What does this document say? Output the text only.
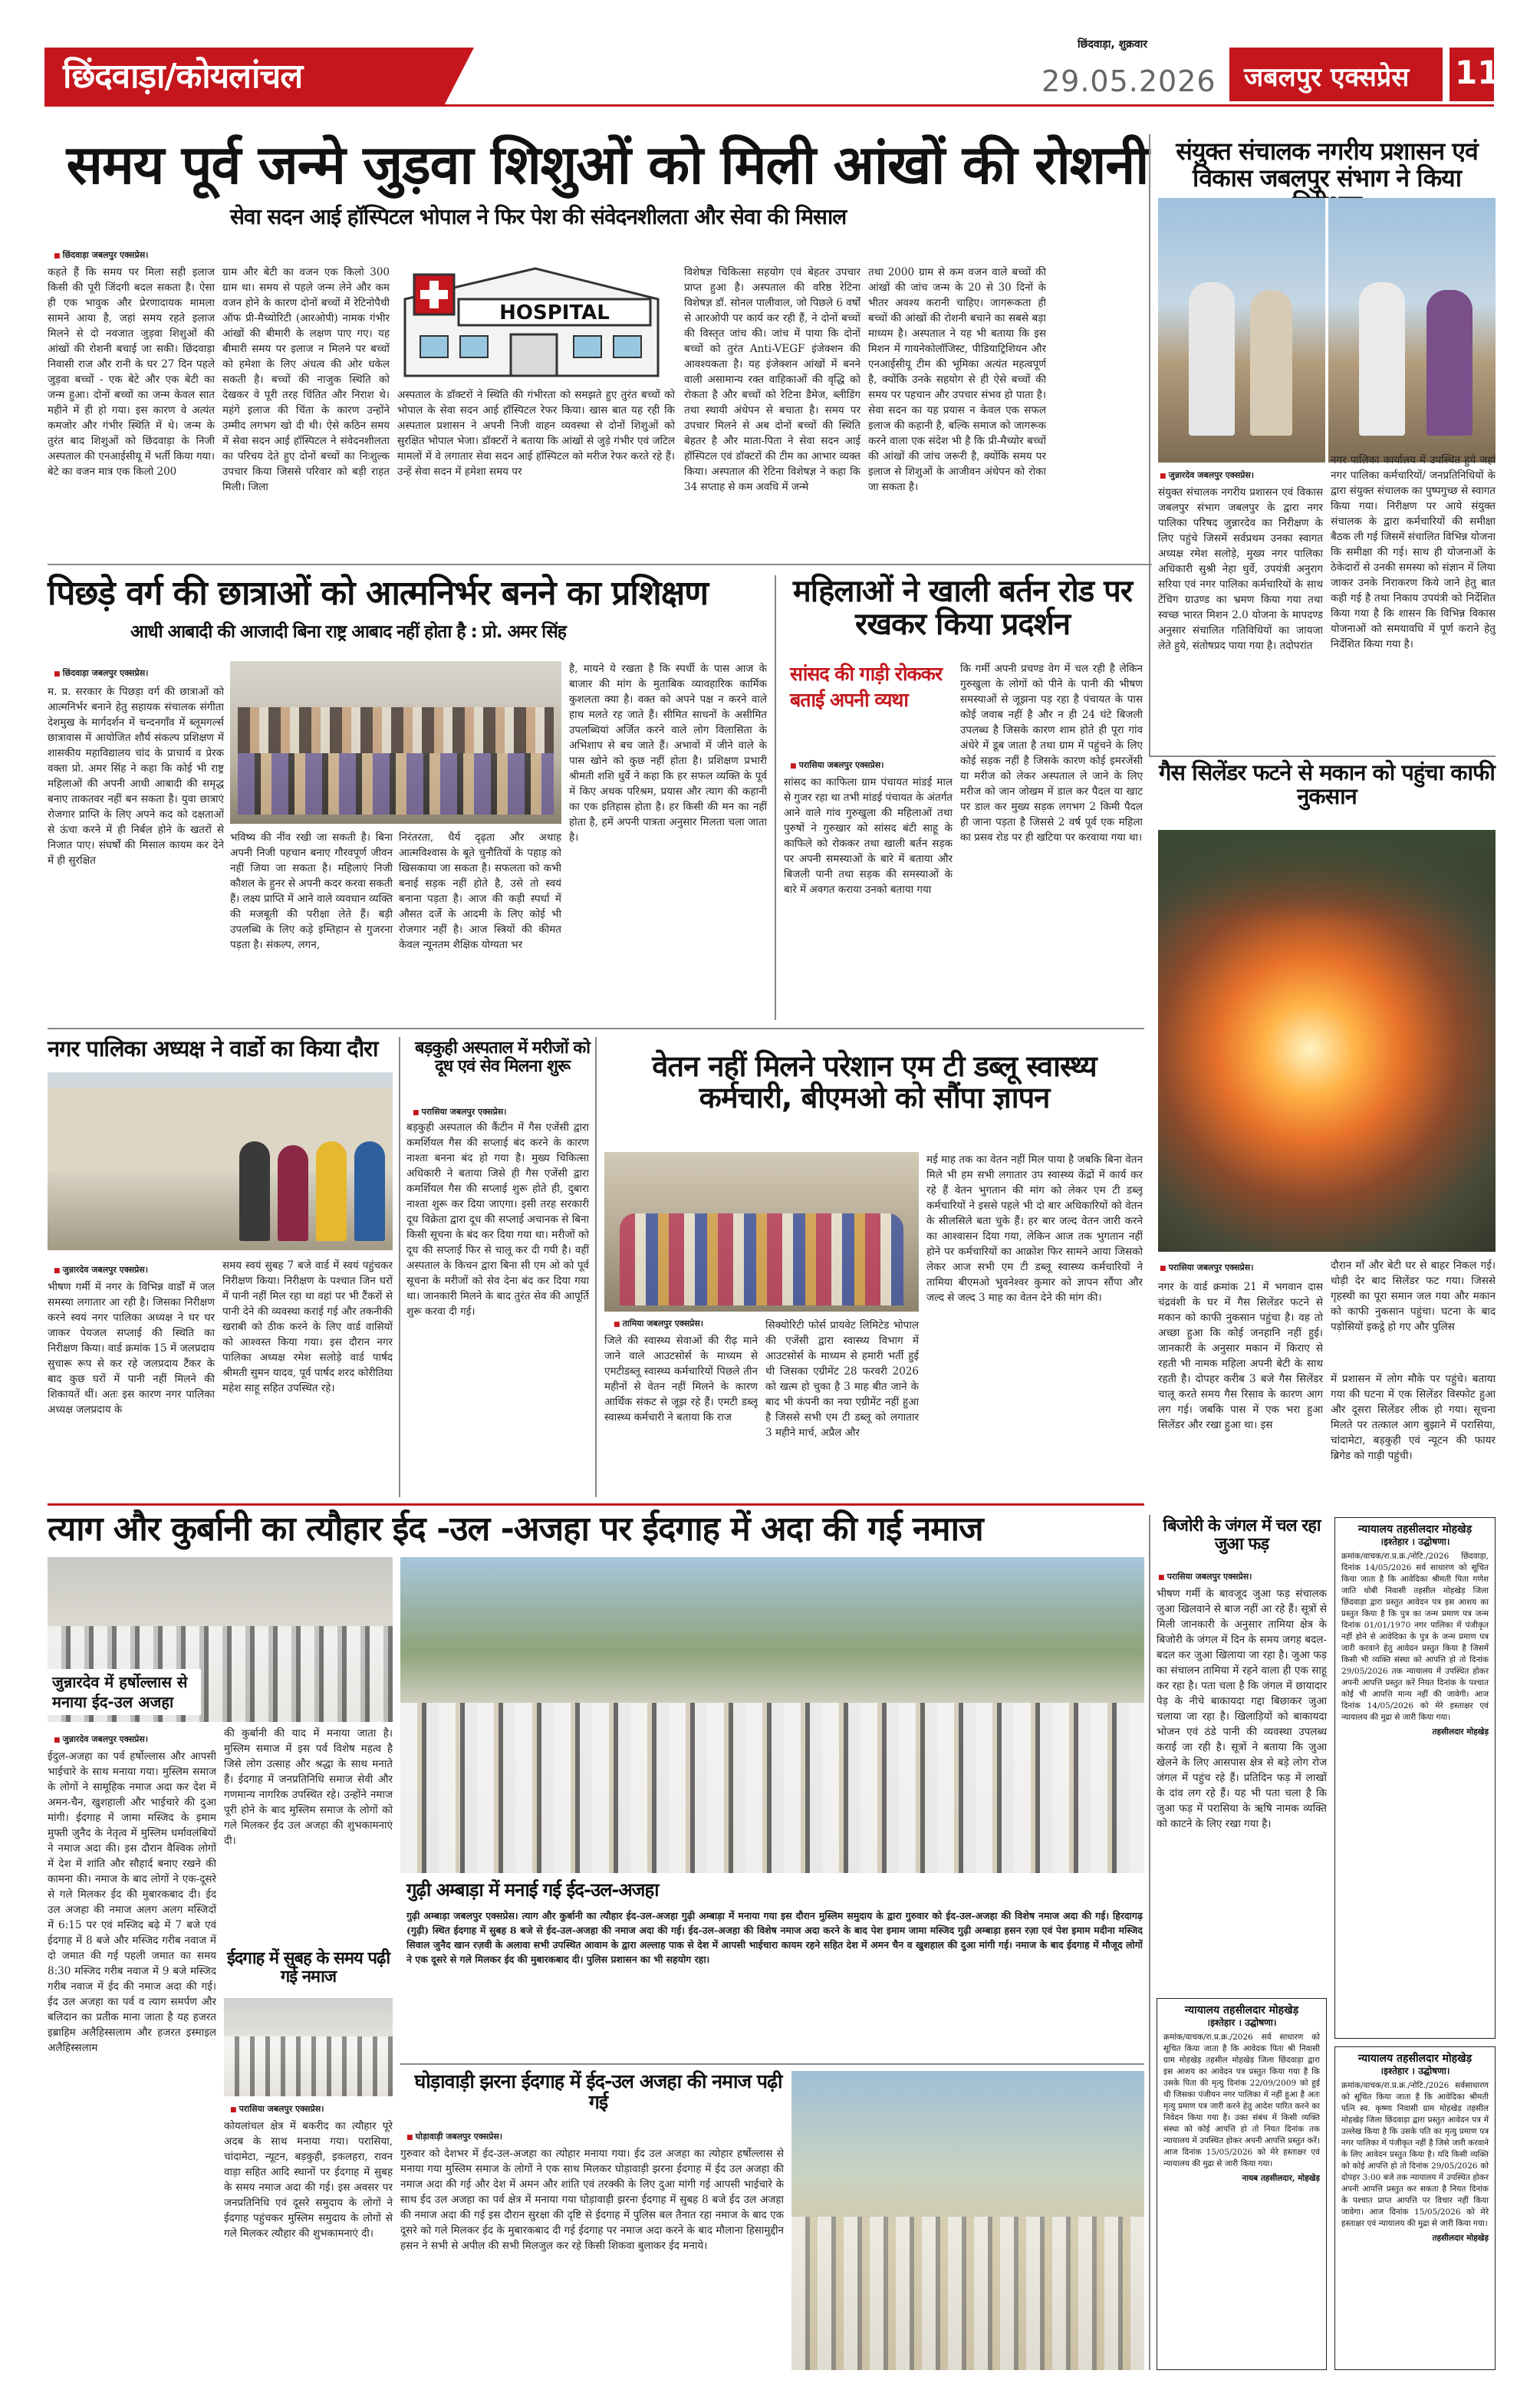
छिंदवाड़ा/कोयलांचल
छिंदवाड़ा, शुक्रवार
29.05.2026 जबलपुर एक्सप्रेस 11
समय पूर्व जन्मे जुड़वा शिशुओं को मिली आंखों की रोशनी
सेवा सदन आई हॉस्पिटल भोपाल ने फिर पेश की संवेदनशीलता और सेवा की मिसाल
■ छिंदवाड़ा जबलपुर एक्सप्रेस।
कहते हैं कि समय पर मिला सही इलाज किसी की पूरी जिंदगी बदल सकता है। ऐसा ही एक भावुक और प्रेरणादायक मामला सामने आया है, जहां समय रहते इलाज मिलने से दो नवजात जुड़वा शिशुओं की आंखों की रोशनी बचाई जा सकी। छिंदवाड़ा निवासी राज और रानी के घर 27 दिन पहले जुड़वा बच्चों - एक बेटे और एक बेटी का जन्म हुआ। दोनों बच्चों का जन्म केवल सात महीने में ही हो गया। इस कारण वे अत्यंत कमजोर और गंभीर स्थिति में थे। जन्म के तुरंत बाद शिशुओं को छिंदवाड़ा के निजी अस्पताल की एनआईसीयू में भर्ती किया गया। बेटे का वजन मात्र एक किलो 200
ग्राम और बेटी का वजन एक किलो 300 ग्राम था। समय से पहले जन्म लेने और कम वजन होने के कारण दोनों बच्चों में रेटिनोपैथी ऑफ प्री-मैच्योरिटी (आरओपी) नामक गंभीर आंखों की बीमारी के लक्षण पाए गए। यह बीमारी समय पर इलाज न मिलने पर बच्चों को हमेशा के लिए अंधत्व की ओर धकेल सकती है। बच्चों की नाजुक स्थिति को देखकर वे पूरी तरह चिंतित और निराश थे। महंगे इलाज की चिंता के कारण उन्होंने उम्मीद लगभग खो दी थी। ऐसे कठिन समय में सेवा सदन आई हॉस्पिटल ने संवेदनशीलता का परिचय देते हुए दोनों बच्चों का निःशुल्क उपचार किया जिससे परिवार को बड़ी राहत मिली। जिला
HOSPITAL
अस्पताल के डॉक्टरों ने स्थिति की गंभीरता को समझते हुए तुरंत बच्चों को भोपाल के सेवा सदन आई हॉस्पिटल रेफर किया। खास बात यह रही कि अस्पताल प्रशासन ने अपनी निजी वाहन व्यवस्था से दोनों शिशुओं को सुरक्षित भोपाल भेजा। डॉक्टरों ने बताया कि आंखों से जुड़े गंभीर एवं जटिल मामलों में वे लगातार सेवा सदन आई हॉस्पिटल को मरीज रेफर करते रहे हैं। उन्हें सेवा सदन में हमेशा समय पर
विशेषज्ञ चिकित्सा सहयोग एवं बेहतर उपचार प्राप्त हुआ है। अस्पताल की वरिष्ठ रेटिना विशेषज्ञ डॉ. सोनल पालीवाल, जो पिछले 6 वर्षों से आरओपी पर कार्य कर रही हैं, ने दोनों बच्चों की विस्तृत जांच की। जांच में पाया कि दोनों बच्चों को तुरंत Anti-VEGF इंजेक्शन की आवश्यकता है। यह इंजेक्शन आंखों में बनने वाली असामान्य रक्त वाहिकाओं की वृद्धि को रोकता है और बच्चों को रेटिना डैमेज, ब्लीडिंग तथा स्थायी अंधेपन से बचाता है। समय पर उपचार मिलने से अब दोनों बच्चों की स्थिति बेहतर है और माता-पिता ने सेवा सदन आई हॉस्पिटल एवं डॉक्टरों की टीम का आभार व्यक्त किया। अस्पताल की रेटिना विशेषज्ञ ने कहा कि 34 सप्ताह से कम अवधि में जन्मे
तथा 2000 ग्राम से कम वजन वाले बच्चों की आंखों की जांच जन्म के 20 से 30 दिनों के भीतर अवश्य करानी चाहिए। जागरूकता ही बच्चों की आंखों की रोशनी बचाने का सबसे बड़ा माध्यम है। अस्पताल ने यह भी बताया कि इस मिशन में गायनेकोलॉजिस्ट, पीडियाट्रिशियन और एनआईसीयू टीम की भूमिका अत्यंत महत्वपूर्ण है, क्योंकि उनके सहयोग से ही ऐसे बच्चों की समय पर पहचान और उपचार संभव हो पाता है। सेवा सदन का यह प्रयास न केवल एक सफल इलाज की कहानी है, बल्कि समाज को जागरूक करने वाला एक संदेश भी है कि प्री-मैच्योर बच्चों की आंखों की जांच जरूरी है, क्योंकि समय पर इलाज से शिशुओं के आजीवन अंधेपन को रोका जा सकता है।
संयुक्त संचालक नगरीय प्रशासन एवं विकास जबलपुर संभाग ने किया
■ जुन्नारदेव जबलपुर एक्सप्रेस।
संयुक्त संचालक नगरीय प्रशासन एवं विकास जबलपुर संभाग जबलपुर के द्वारा नगर पालिका परिषद जुन्नारदेव का निरीक्षण के लिए पहुंचे जिसमें सर्वप्रथम उनका स्वागत अध्यक्ष रमेश सलोड़े, मुख्य नगर पालिका अधिकारी सुश्री नेहा धुर्वे, उपयंत्री अनुराग सरिया एवं नगर पालिका कर्मचारियों के साथ टेंचिग ग्राउण्ड का भ्रमण किया गया तथा स्वच्छ भारत मिशन 2.0 योजना के मापदण्ड अनुसार संचालित गतिविधियों का जायजा लेते हुये, संतोषप्रद पाया गया है। तदोपरांत
नगर पालिका कार्यालय में उपस्थित हुये जहां नगर पालिका कर्मचारियों/ जनप्रतिनिधियों के द्वारा संयुक्त संचालक का पुष्पगुच्छ से स्वागत किया गया। निरीक्षण पर आये संयुक्त संचालक के द्वारा कर्मचारियों की समीक्षा बैठक ली गई जिसमें संचालित विभिन्न योजना कि समीक्षा की गई। साथ ही योजनाओं के ठेकेदारों से उनकी समस्या को संज्ञान में लिया जाकर उनके निराकरण किये जाने हेतु बात कही गई है तथा निकाय उपयंत्री को निर्देशित किया गया है कि शासन कि विभिन्न विकास योजनाओं को समयावधि में पूर्ण कराने हेतु निर्देशित किया गया है।
पिछड़े वर्ग की छात्राओं को आत्मनिर्भर बनने का प्रशिक्षण
आधी आबादी की आजादी बिना राष्ट्र आबाद नहीं होता है : प्रो. अमर सिंह
■ छिंदवाड़ा जबलपुर एक्सप्रेस।
म. प्र. सरकार के पिछड़ा वर्ग की छात्राओं को आत्मनिर्भर बनाने हेतु सहायक संचालक संगीता देशमुख के मार्गदर्शन में चन्दनगाँव में ब्लूमगर्ल्स छात्रावास में आयोजित शौर्य संकल्प प्रशिक्षण में शासकीय महाविद्यालय चांद के प्राचार्य व प्रेरक वक्ता प्रो. अमर सिंह ने कहा कि कोई भी राष्ट्र महिलाओं की अपनी आधी आबादी की समृद्ध बनाए ताकतवर नहीं बन सकता है। युवा छात्राएं रोजगार प्राप्ति के लिए अपने कद को दक्षताओं से ऊंचा करने में ही निर्बल होने के खतरों से निजात पाए। संघर्षों की मिसाल कायम कर देने में ही सुरक्षित
भविष्य की नींव रखी जा सकती है। बिना अपनी निजी पहचान बनाए गौरवपूर्ण जीवन नहीं जिया जा सकता है। महिलाएं निजी कौशल के हुनर से अपनी कदर करवा सकती हैं। लक्ष्य प्राप्ति में आने वाले व्यवधान व्यक्ति की मजबूती की परीक्षा लेते हैं। बड़ी उपलब्धि के लिए कड़े इम्तिहान से गुजरना पड़ता है। संकल्प, लगन,
निरंतरता, धैर्य दृढ़ता और अथाह आत्मविश्वास के बूते चुनौतियों के पहाड़ को खिसकाया जा सकता है। सफलता को कभी बनाई सड़क नहीं होते है, उसे तो स्वयं बनाना पड़ता है। आज की कड़ी स्पर्धा में औसत दर्जे के आदमी के लिए कोई भी रोजगार नहीं है। आज स्त्रियों की कीमत केवल न्यूनतम शैक्षिक योग्यता भर
है, मायने ये रखता है कि स्पर्धी के पास आज के बाजार की मांग के मुताबिक व्यावहारिक कार्मिक कुशलता क्या है। वक्त को अपने पक्ष न करने वाले हाथ मलते रह जाते हैं। सीमित साधनों के असीमित उपलब्धियां अर्जित करने वाले लोग विलासिता के अभिशाप से बच जाते हैं। अभावों में जीने वाले के पास खोने को कुछ नहीं होता है। प्रशिक्षण प्रभारी श्रीमती शशि धुर्वे ने कहा कि हर सफल व्यक्ति के पूर्व में किए अथक परिश्रम, प्रयास और त्याग की कहानी का एक इतिहास होता है। हर किसी की मन का नहीं होता है, हमें अपनी पात्रता अनुसार मिलता चला जाता है।
महिलाओं ने खाली बर्तन रोड पर रखकर किया प्रदर्शन
सांसद की गाड़ी रोककर बताई अपनी व्यथा
■ परासिया जबलपुर एक्सप्रेस।
सांसद का काफिला ग्राम पंचायत मांडई माल से गुजर रहा था तभी मांडई पंचायत के अंतर्गत आने वाले गांव गुरुखुला की महिलाओं तथा पुरुषों ने गुरुखार को सांसद बंटी साहू के काफिले को रोककर तथा खाली बर्तन सड़क पर अपनी समस्याओं के बारे में बताया और बिजली पानी तथा सड़क की समस्याओं के बारे में अवगत कराया उनको बताया गया
कि गर्मी अपनी प्रचण्ड वेग में चल रही है लेकिन गुरुखुला के लोगों को पीने के पानी की भीषण समस्याओं से जूझना पड़ रहा है पंचायत के पास कोई जवाब नहीं है और न ही 24 घंटे बिजली उपलब्ध है जिसके कारण शाम होते ही पूरा गांव अंधेरे में डूब जाता है तथा ग्राम में पहुंचने के लिए कोई सड़क नहीं है जिसके कारण कोई इमरजेंसी या मरीज को लेकर अस्पताल ले जाने के लिए मरीज को जान जोखम में डाल कर पैदल या खाट पर डाल कर मुख्य सड़क लगभग 2 किमी पैदल ही जाना पड़ता है जिससे 2 वर्ष पूर्व एक महिला का प्रसव रोड पर ही खटिया पर करवाया गया था।
गैस सिलेंडर फटने से मकान को पहुंचा काफी नुकसान
■ परासिया जबलपुर एक्सप्रेस।	दौरान माँ और बेटी घर से बाहर निकल गई। थोड़ी देर बाद सिलेंडर फट गया। जिससे गृहस्थी का पूरा समान जल गया और मकान को काफी नुकसान पहुंचा। घटना के बाद पड़ोसियों इकट्ठे हो गए और पुलिस
नगर के वार्ड क्रमांक 21 में भगवान दास चंद्रवंशी के घर में गैस सिलेंडर फटने से मकान को काफी नुकसान पहुंचा है। वह तो अच्छा हुआ कि कोई जनहानि नहीं हुई। जानकारी के अनुसार मकान में किराए से रहती भी नामक महिला अपनी बेटी के साथ रहती है। दोपहर करीब 3 बजे गैस सिलेंडर चालू करते समय गैस रिसाव के कारण आग लग गई। जबकि पास में एक भरा हुआ सिलेंडर और रखा हुआ था। इस
में प्रशासन में लोग मौके पर पहुंचे। बताया गया की घटना में एक सिलेंडर विस्फोट हुआ और दूसरा सिलेंडर लीक हो गया। सूचना मिलते पर तत्काल आग बुझाने में परासिया, चांदामेटा, बड़कुही एवं न्यूटन की फायर ब्रिगेड को गाड़ी पहुंची।
नगर पालिका अध्यक्ष ने वार्डो का किया दौरा
■ जुन्नारदेव जबलपुर एक्सप्रेस।
भीषण गर्मी में नगर के विभिन्न वार्डों में जल समस्या लगातार आ रही है। जिसका निरीक्षण करने स्वयं नगर पालिका अध्यक्ष ने घर घर जाकर पेयजल सप्लाई की स्थिति का निरीक्षण किया। वार्ड क्रमांक 15 में जलप्रदाय सुचारू रूप से कर रहे जलप्रदाय टैंकर के बाद कुछ घरों में पानी नहीं मिलने की शिकायतें थीं। अतः इस कारण नगर पालिका अध्यक्ष जलप्रदाय के
समय स्वयं सुबह 7 बजे वार्ड में स्वयं पहुंचकर निरीक्षण किया। निरीक्षण के पश्चात जिन घरों में पानी नहीं मिल रहा था वहां पर भी टैंकरों से पानी देने की व्यवस्था कराई गई और तकनीकी खराबी को ठीक करने के लिए वार्ड वासियों को आश्वस्त किया गया। इस दौरान नगर पालिका अध्यक्ष रमेश सलोड़े वार्ड पार्षद श्रीमती सुमन यादव, पूर्व पार्षद शरद कोरीतिया महेश साहू सहित उपस्थित रहे।
बड़कुही अस्पताल में मरीजों को दूध एवं सेव मिलना शुरू
■ परासिया जबलपुर एक्सप्रेस।
बड़कुही अस्पताल की कैंटीन में गैस एजेंसी द्वारा कमर्शियल गैस की सप्लाई बंद करने के कारण नाश्ता बनना बंद हो गया है। मुख्य चिकित्सा अधिकारी ने बताया जिसे ही गैस एजेंसी द्वारा कमर्शियल गैस की सप्लाई शुरू होते ही, दुबारा नाश्ता शुरू कर दिया जाएगा। इसी तरह सरकारी दूध विक्रेता द्वारा दूध की सप्लाई अचानक से बिना किसी सूचना के बंद कर दिया गया था। मरीजों को दूध की सप्लाई फिर से चालू कर दी गयी है। वहीं अस्पताल के किचन द्वारा बिना सी एम ओ को पूर्व सूचना के मरीजों को सेव देना बंद कर दिया गया था। जानकारी मिलने के बाद तुरंत सेव की आपूर्ति शुरू करवा दी गई।
वेतन नहीं मिलने परेशान एम टी डब्लू स्वास्थ्य कर्मचारी, बीएमओ को सौंपा ज्ञापन
■ तामिया जबलपुर एक्सप्रेस।
जिले की स्वास्थ्य सेवाओं की रीढ़ माने जाने वाले आउटसोर्स के माध्यम से एमटीडब्लू स्वास्थ्य कर्मचारियों पिछले तीन महीनों से वेतन नहीं मिलने के कारण आर्थिक संकट से जूझ रहे हैं। एमटी डब्लू स्वास्थ्य कर्मचारी ने बताया कि राज
सिक्योरिटी फोर्स प्रायवेट लिमिटेड भोपाल की एजेंसी द्वारा स्वास्थ्य विभाग में आउटसोर्स के माध्यम से हमारी भर्ती हुई थी जिसका एग्रीमेंट 28 फरवरी 2026 को खत्म हो चुका है 3 माह बीत जाने के बाद भी कंपनी का नया एग्रीमेंट नहीं हुआ है जिससे सभी एम टी डब्लू को लगातार 3 महीने मार्च, अप्रैल और
मई माह तक का वेतन नहीं मिल पाया है जबकि बिना वेतन मिले भी हम सभी लगातार उप स्वास्थ्य केंद्रों में कार्य कर रहे हैं वेतन भुगतान की मांग को लेकर एम टी डब्लू कर्मचारियों ने इससे पहले भी दो बार अधिकारियों को वेतन के सीलसिले बता चुके हैं। हर बार जल्द वेतन जारी करने का आश्वासन दिया गया, लेकिन आज तक भुगतान नहीं होने पर कर्मचारियों का आक्रोश फिर सामने आया जिसको लेकर आज सभी एम टी डब्लू स्वास्थ्य कर्मचारियों ने तामिया बीएमओ भुवनेश्वर कुमार को ज्ञापन सौंपा और जल्द से जल्द 3 माह का वेतन देने की मांग की।
त्याग और कुर्बानी का त्यौहार ईद -उल -अजहा पर ईदगाह में अदा की गई नमाज
जुन्नारदेव में हर्षोल्लास से मनाया ईद-उल अजहा
■ जुन्नारदेव जबलपुर एक्सप्रेस।
ईदुल-अजहा का पर्व हर्षोल्लास और आपसी भाईचारे के साथ मनाया गया। मुस्लिम समाज के लोगों ने सामूहिक नमाज अदा कर देश में अमन-चैन, खुशहाली और भाईचारे की दुआ मांगी। ईदगाह में जामा मस्जिद के इमाम मुफ्ती जुनैद के नेतृत्व में मुस्लिम धर्मावलंबियों ने नमाज अदा की। इस दौरान वैश्विक लोगों में देश में शांति और सौहार्द बनाए रखने की कामना की। नमाज के बाद लोगों ने एक-दूसरे से गले मिलकर ईद की मुबारकबाद दी। ईद उल अजहा की नमाज अलग अलग मस्जिदों में 6:15 पर एवं मस्जिद बढ़े में 7 बजे एवं ईदगाह में 8 बजे और मस्जिद गरीब नवाज में दो जमात की गई पहली जमात का समय 8:30 मस्जिद गरीब नवाज में 9 बजे मस्जिद गरीब नवाज में ईद की नमाज अदा की गई। ईद उल अजहा का पर्व व त्याग समर्पण और बलिदान का प्रतीक माना जाता है यह हजरत इब्राहिम अलैहिस्सलाम और हजरत इस्माइल अलैहिस्सलाम
की कुर्बानी की याद में मनाया जाता है। मुस्लिम समाज में इस पर्व विशेष महत्व है जिसे लोग उत्साह और श्रद्धा के साथ मनाते हैं। ईदगाह में जनप्रतिनिधि समाज सेवी और गणमान्य नागरिक उपस्थित रहे। उन्होंने नमाज पूरी होने के बाद मुस्लिम समाज के लोगों को गले मिलकर ईद उल अजहा की शुभकामनाएं दी।
ईदगाह में सुबह के समय पढ़ी गई नमाज
■ परासिया जबलपुर एक्सप्रेस।
कोयलांचल क्षेत्र में बकरीद का त्यौहार पूरे अदब के साथ मनाया गया। परासिया, चांदामेटा, न्यूटन, बड़कुही, इकलहरा, रावन वाड़ा सहित आदि स्थानों पर ईदगाह में सुबह के समय नमाज अदा की गई। इस अवसर पर जनप्रतिनिधि एवं दूसरे समुदाय के लोगों ने ईदगाह पहुंचकर मुस्लिम समुदाय के लोगों से गले मिलकर त्यौहार की शुभकामनाएं दी।
गुढ़ी अम्बाड़ा में मनाई गई ईद-उल-अजहा
गुढ़ी अम्बाड़ा जबलपुर एक्सप्रेस। त्याग और कुर्बानी का त्यौहार ईद-उल-अजहा गुढ़ी अम्बाड़ा में मनाया गया इस दौरान मुस्लिम समुदाय के द्वारा गुरुवार को ईद-उल-अजहा की विशेष नमाज अदा की गई। हिरदागढ़ (गुढ़ी) स्थित ईदगाह में सुबह 8 बजे से ईद-उल-अजहा की नमाज अदा की गई। ईद-उल-अजहा की विशेष नमाज अदा करने के बाद पेश इमाम जामा मस्जिद गुढ़ी अम्बाड़ा हसन रज़ा एवं पेश इमाम मदीना मस्जिद सिवाल जुनैद खान रज़वी के अलावा सभी उपस्थित आवाम के द्वारा अल्लाह पाक से देश में आपसी भाईचारा कायम रहने सहित देश में अमन चैन व खुशहाल की दुआ मांगी गई। नमाज के बाद ईदगाह में मौजूद लोगों ने एक दूसरे से गले मिलकर ईद की मुबारकबाद दी। पुलिस प्रशासन का भी सहयोग रहा।
घोड़ावाड़ी झरना ईदगाह में ईद-उल अजहा की नमाज पढ़ी गई
■ घोड़ावाड़ी जबलपुर एक्सप्रेस।
गुरुवार को देशभर में ईद-उल-अजहा का त्योहार मनाया गया। ईद उल अजहा का त्योहार हर्षोल्लास से मनाया गया मुस्लिम समाज के लोगों ने एक साथ मिलकर घोड़ावाड़ी झरना ईदगाह में ईद उल अजहा की नमाज अदा की गई और देश में अमन और शांति एवं तरक्की के लिए दुआ मांगी गई आपसी भाईचारे के साथ ईद उल अजहा का पर्व क्षेत्र में मनाया गया घोड़ावाड़ी झरना ईदगाह में सुबह 8 बजे ईद उल अजहा की नमाज अदा की गई इस दौरान सुरक्षा की दृष्टि से ईदगाह में पुलिस बल तैनात रहा नमाज के बाद एक दूसरे को गले मिलकर ईद के मुबारकबाद दी गई ईदगाह पर नमाज अदा करने के बाद मौलाना हिसामुद्दीन हसन ने सभी से अपील की सभी मिलजुल कर रहे किसी शिकवा बुलाकर ईद मनाये।
बिजोरी के जंगल में चल रहा जुआ फड़
■ परासिया जबलपुर एक्सप्रेस।
भीषण गर्मी के बावजूद जुआ फड़ संचालक जुआ खिलवाने से बाज नहीं आ रहे हैं। सूत्रों से मिली जानकारी के अनुसार तामिया क्षेत्र के बिजोरी के जंगल में दिन के समय जगह बदल-बदल कर जुआ खिलाया जा रहा है। जुआ फड़ का संचालन तामिया में रहने वाला ही एक साहू कर रहा है। पता चला है कि जंगल में छायादार पेड़ के नीचे बाकायदा गद्दा बिछाकर जुआ चलाया जा रहा है। खिलाड़ियों को बाकायदा भोजन एवं ठंडे पानी की व्यवस्था उपलब्ध कराई जा रही है। सूत्रों ने बताया कि जुआ खेलने के लिए आसपास क्षेत्र से बड़े लोग रोज जंगल में पहुंच रहे हैं। प्रतिदिन फड़ में लाखों के दांव लग रहे हैं। यह भी पता चला है कि जुआ फड़ में परासिया के ऋषि नामक व्यक्ति को काटने के लिए रखा गया है।
न्यायालय तहसीलदार मोहखेड़
।इश्तेहार । उद्घोषणा।
क्रमांक/वाचक/रा.प्र.क्र./नोटि./2026 छिंदवाड़ा, दिनांक 14/05/2026 सर्व साधारण को सूचित किया जाता है कि आवेदिका श्रीमती पिता गणेश जाति धोबी निवासी तहसील मोहखेड़ जिला छिंदवाड़ा द्वारा प्रस्तुत आवेदन पत्र इस आशय का प्रस्तुत किया है कि पुत्र का जन्म प्रमाण पत्र जन्म दिनांक 01/01/1970 नगर पालिका में पंजीकृत नहीं होने से आवेदिका के पुत्र के जन्म प्रमाण पत्र जारी करवाने हेतु आवेदन प्रस्तुत किया है जिसमें किसी भी व्यक्ति संस्था को आपत्ति हो तो दिनांक 29/05/2026 तक न्यायालय में उपस्थित होकर अपनी आपत्ति प्रस्तुत करें नियत दिनांक के पश्चात कोई भी आपत्ति मान्य नहीं की जावेगी। आज दिनांक 14/05/2026 को मेरे हस्ताक्षर एवं न्यायालय की मुद्रा से जारी किया गया।
तहसीलदार मोहखेड़
न्यायालय तहसीलदार मोहखेड़
।इश्तेहार । उद्घोषणा।
क्रमांक/वाचक/रा.प्र.क्र./नोटि./2026 सर्वसाधारण को सूचित किया जाता है कि आवेदिका श्रीमती पत्नि स्व. कृष्णा निवासी ग्राम मोहखेड़ तहसील मोहखेड़ जिला छिंदवाड़ा द्वारा प्रस्तुत आवेदन पत्र में उल्लेख किया है कि उसके पति का मृत्यु प्रमाण पत्र नगर पालिका में पंजीकृत नहीं है जिसे जारी करवाने के लिए आवेदन प्रस्तुत किया है। यदि किसी व्यक्ति को कोई आपत्ति हो तो दिनांक 29/05/2026 को दोपहर 3:00 बजे तक न्यायालय में उपस्थित होकर अपनी आपत्ति प्रस्तुत कर सकता है नियत दिनांक के पश्चात प्राप्त आपत्ति पर विचार नहीं किया जावेगा। आज दिनांक 15/05/2026 को मेरे हस्ताक्षर एवं न्यायालय की मुद्रा से जारी किया गया।
तहसीलदार मोहखेड़
न्यायालय तहसीलदार मोहखेड़
।इश्तेहार । उद्घोषणा।
क्रमांक/वाचक/रा.प्र.क्र./2026 सर्व साधारण को सूचित किया जाता है कि आवेदक पिता श्री निवासी ग्राम मोहखेड़ तहसील मोहखेड़ जिला छिंदवाड़ा द्वारा इस आशय का आवेदन पत्र प्रस्तुत किया गया है कि उसके पिता की मृत्यु दिनांक 22/09/2009 को हुई थी जिसका पंजीयन नगर पालिका में नहीं हुआ है अतः मृत्यु प्रमाण पत्र जारी करने हेतु आदेश पारित करने का निवेदन किया गया है। उक्त संबंध में किसी व्यक्ति संस्था को कोई आपत्ति हो तो नियत दिनांक तक न्यायालय में उपस्थित होकर अपनी आपत्ति प्रस्तुत करें। आज दिनांक 15/05/2026 को मेरे हस्ताक्षर एवं न्यायालय की मुद्रा से जारी किया गया।
नायब तहसीलदार, मोहखेड़
